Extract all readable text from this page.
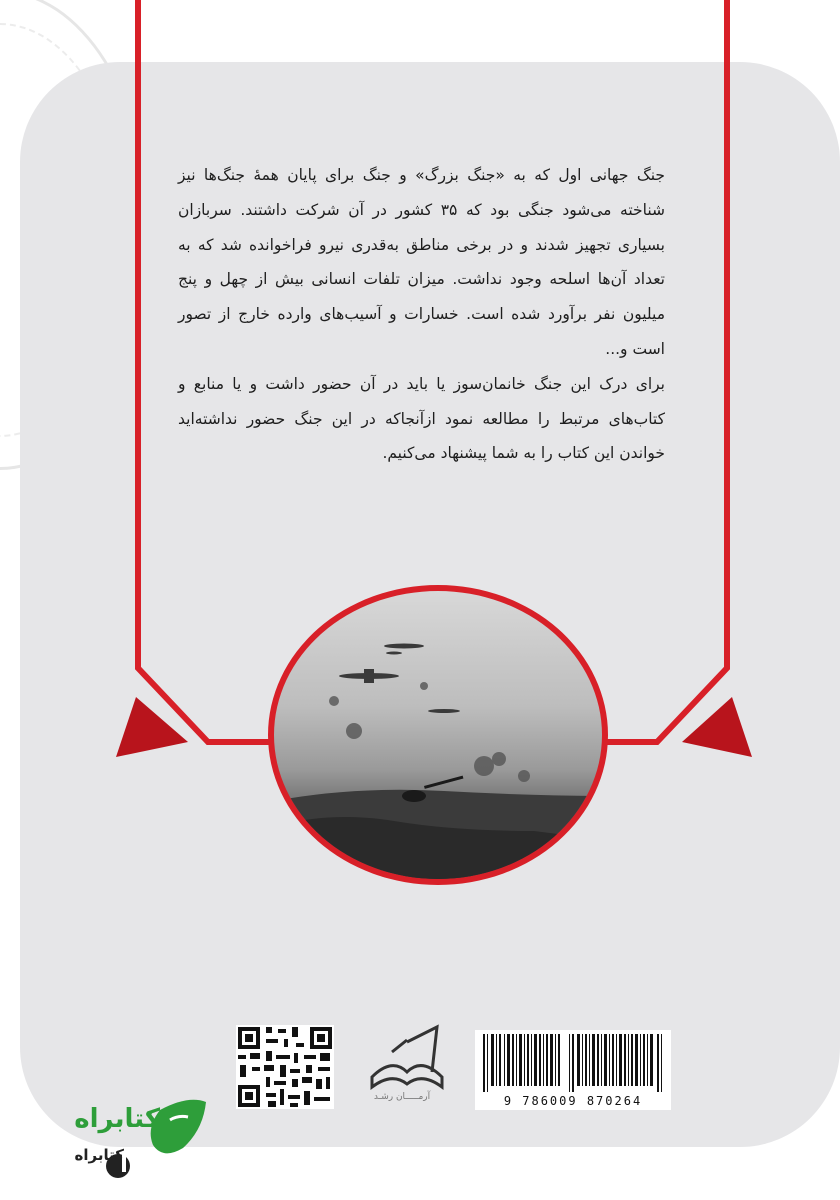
جنگ جهانی اول که به «جنگ بزرگ» و جنگ برای پایان همهٔ جنگ‌ها نیز شناخته می‌شود جنگی بود که ۳۵ کشور در آن شرکت داشتند. سربازان بسیاری تجهیز شدند و در برخی مناطق به‌قدری نیرو فراخوانده شد که به تعداد آن‌ها اسلحه وجود نداشت. میزان تلفات انسانی بیش از چهل و پنج میلیون نفر برآورد شده است. خسارات و آسیب‌های وارده خارج از تصور است و...

برای درک این جنگ خانمان‌سوز یا باید در آن حضور داشت و یا منابع و کتاب‌های مرتبط را مطالعه نمود ازآنجاکه در این جنگ حضور نداشته‌اید خواندن این کتاب را به شما پیشنهاد می‌کنیم.

آرمـــــان رشـد	9 786009 870264
کتابراه
کتابراه
